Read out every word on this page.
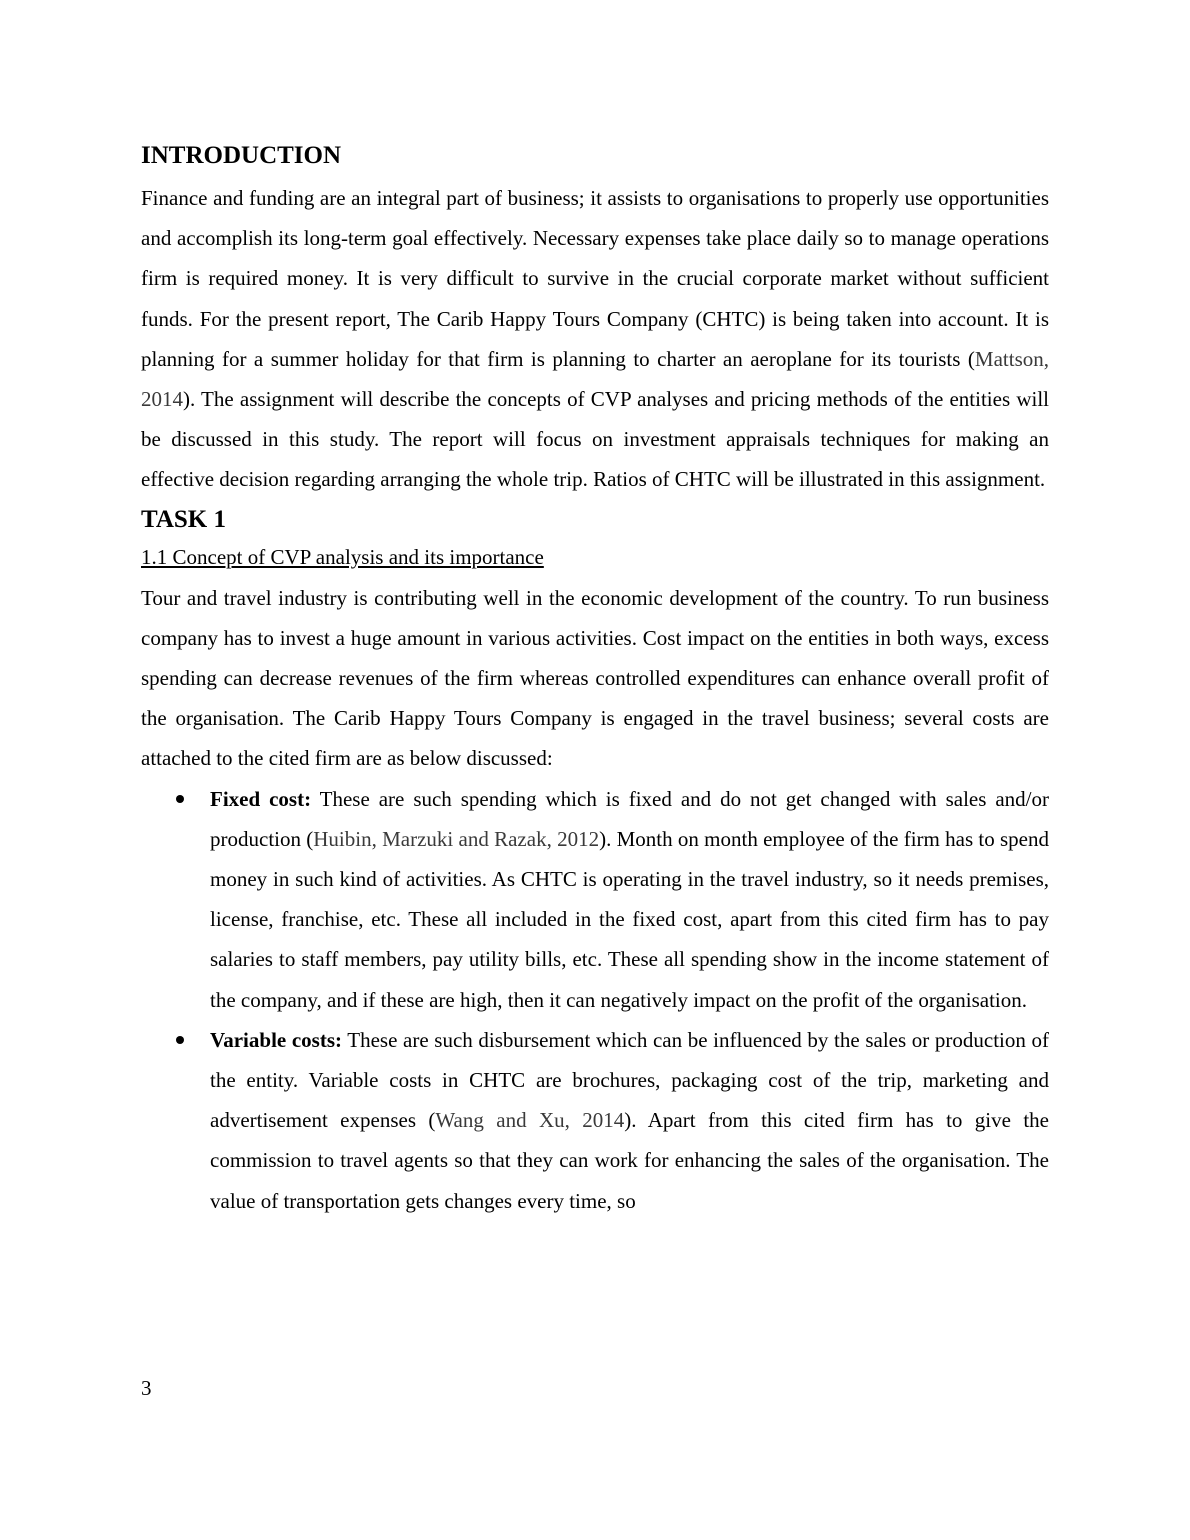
INTRODUCTION

Finance and funding are an integral part of business; it assists to organisations to properly use opportunities and accomplish its long-term goal effectively. Necessary expenses take place daily so to manage operations firm is required money. It is very difficult to survive in the crucial corporate market without sufficient funds. For the present report, The Carib Happy Tours Company (CHTC) is being taken into account. It is planning for a summer holiday for that firm is planning to charter an aeroplane for its tourists (Mattson, 2014). The assignment will describe the concepts of CVP analyses and pricing methods of the entities will be discussed in this study. The report will focus on investment appraisals techniques for making an effective decision regarding arranging the whole trip. Ratios of CHTC will be illustrated in this assignment.

TASK 1
1.1 Concept of CVP analysis and its importance

Tour and travel industry is contributing well in the economic development of the country. To run business company has to invest a huge amount in various activities. Cost impact on the entities in both ways, excess spending can decrease revenues of the firm whereas controlled expenditures can enhance overall profit of the organisation. The Carib Happy Tours Company is engaged in the travel business; several costs are attached to the cited firm are as below discussed:

Fixed cost: These are such spending which is fixed and do not get changed with sales and/or production (Huibin, Marzuki and Razak, 2012). Month on month employee of the firm has to spend money in such kind of activities. As CHTC is operating in the travel industry, so it needs premises, license, franchise, etc. These all included in the fixed cost, apart from this cited firm has to pay salaries to staff members, pay utility bills, etc. These all spending show in the income statement of the company, and if these are high, then it can negatively impact on the profit of the organisation.
Variable costs: These are such disbursement which can be influenced by the sales or production of the entity. Variable costs in CHTC are brochures, packaging cost of the trip, marketing and advertisement expenses (Wang and Xu, 2014). Apart from this cited firm has to give the commission to travel agents so that they can work for enhancing the sales of the organisation. The value of transportation gets changes every time, so
3
